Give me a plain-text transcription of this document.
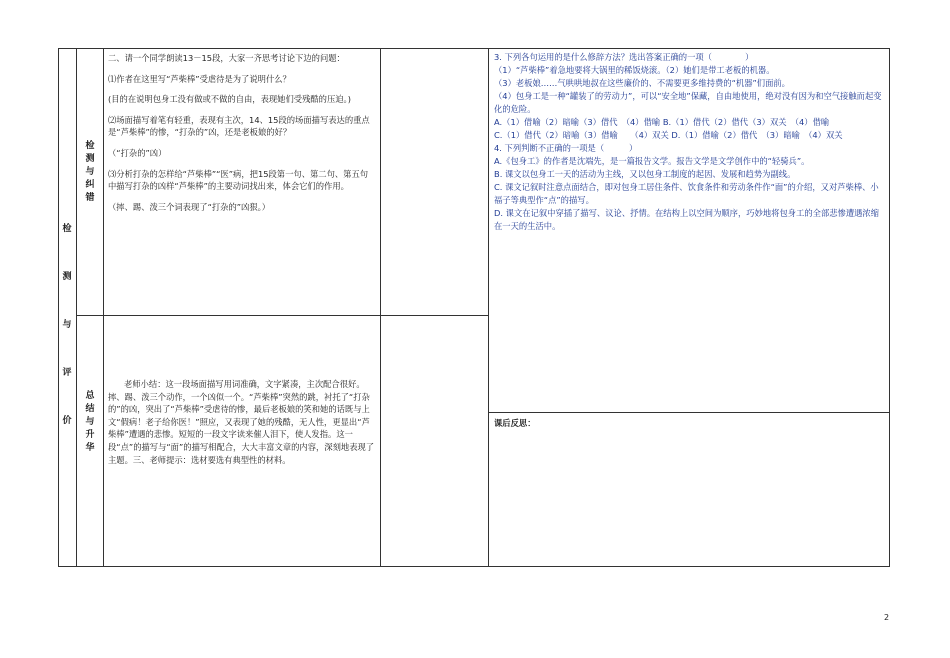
检
测
与
评
价
检
测
与
纠
错
总
结
与
升
华

二、请一个同学朗读13－15段，大家一齐思考讨论下边的问题：

⑴作者在这里写“芦柴棒”受虐待是为了说明什么？

(目的在说明包身工没有做或不做的自由，表现她们受残酷的压迫。)

⑵场面描写着笔有轻重，表现有主次，14、15段的场面描写表达的重点是“芦柴棒”的惨，“打杂的”凶，还是老板娘的好？

（“打杂的”凶）

⑶分析打杂的怎样给“芦柴棒”“医”病，把15段第一句、第二句、第五句中描写打杂的凶样“芦柴棒”的主要动词找出来，体会它们的作用。

（摔、踢、泼三个词表现了“打杂的”凶狠。）

老师小结：这一段场面描写用词准确，文字紧凑，主次配合很好。摔、踢、泼三个动作，一个凶似一个。“芦柴棒”突然的跳，衬托了“打杂的”的凶，突出了“芦柴棒”受虐待的惨，最后老板娘的笑和她的话既与上文“假病！老子给你医！”照应，又表现了她的残酷，无人性，更显出“芦柴棒”遭遇的悲惨。短短的一段文字读来催人泪下，使人发指。这一段“点”的描写与“面”的描写相配合，大大丰富文章的内容，深刻地表现了主题。三、老师提示：选材要选有典型性的材料。

3. 下列各句运用的是什么修辞方法？选出答案正确的一项（　　　　）

（1）“芦柴棒”着急地要将大锅里的稀饭烧滚。（2）她们是带工老板的机器。

（3）老板娘……气哄哄地叔在这些廉价的、不需要更多维持费的“机器”们面前。

（4）包身工是一种“罐装了的劳动力”，可以“安全地”保藏，自由地使用，绝对没有因为和空气接触而起变化的危险。

A.（1）借喻（2）暗喻（3）借代　（4）借喻 B.（1）借代（2）借代（3）双关　（4）借喻

C.（1）借代（2）暗喻（3）借喻　　（4）双关 D.（1）借喻（2）借代　（3）暗喻　（4）双关

4. 下列判断不正确的一项是（　　　）

A.《包身工》的作者是沈端先，是一篇报告文学。报告文学是文学创作中的“轻骑兵”。

B. 课文以包身工一天的活动为主线，又以包身工制度的起因、发展和趋势为副线。

C. 课文记叙时注意点面结合，即对包身工居住条件、饮食条件和劳动条件作“面”的介绍，又对芦柴棒、小福子等典型作“点”的描写。

D. 课文在记叙中穿插了描写、议论、抒情。在结构上以空间为顺序，巧妙地将包身工的全部悲惨遭遇浓缩在一天的生活中。

课后反思：
2
